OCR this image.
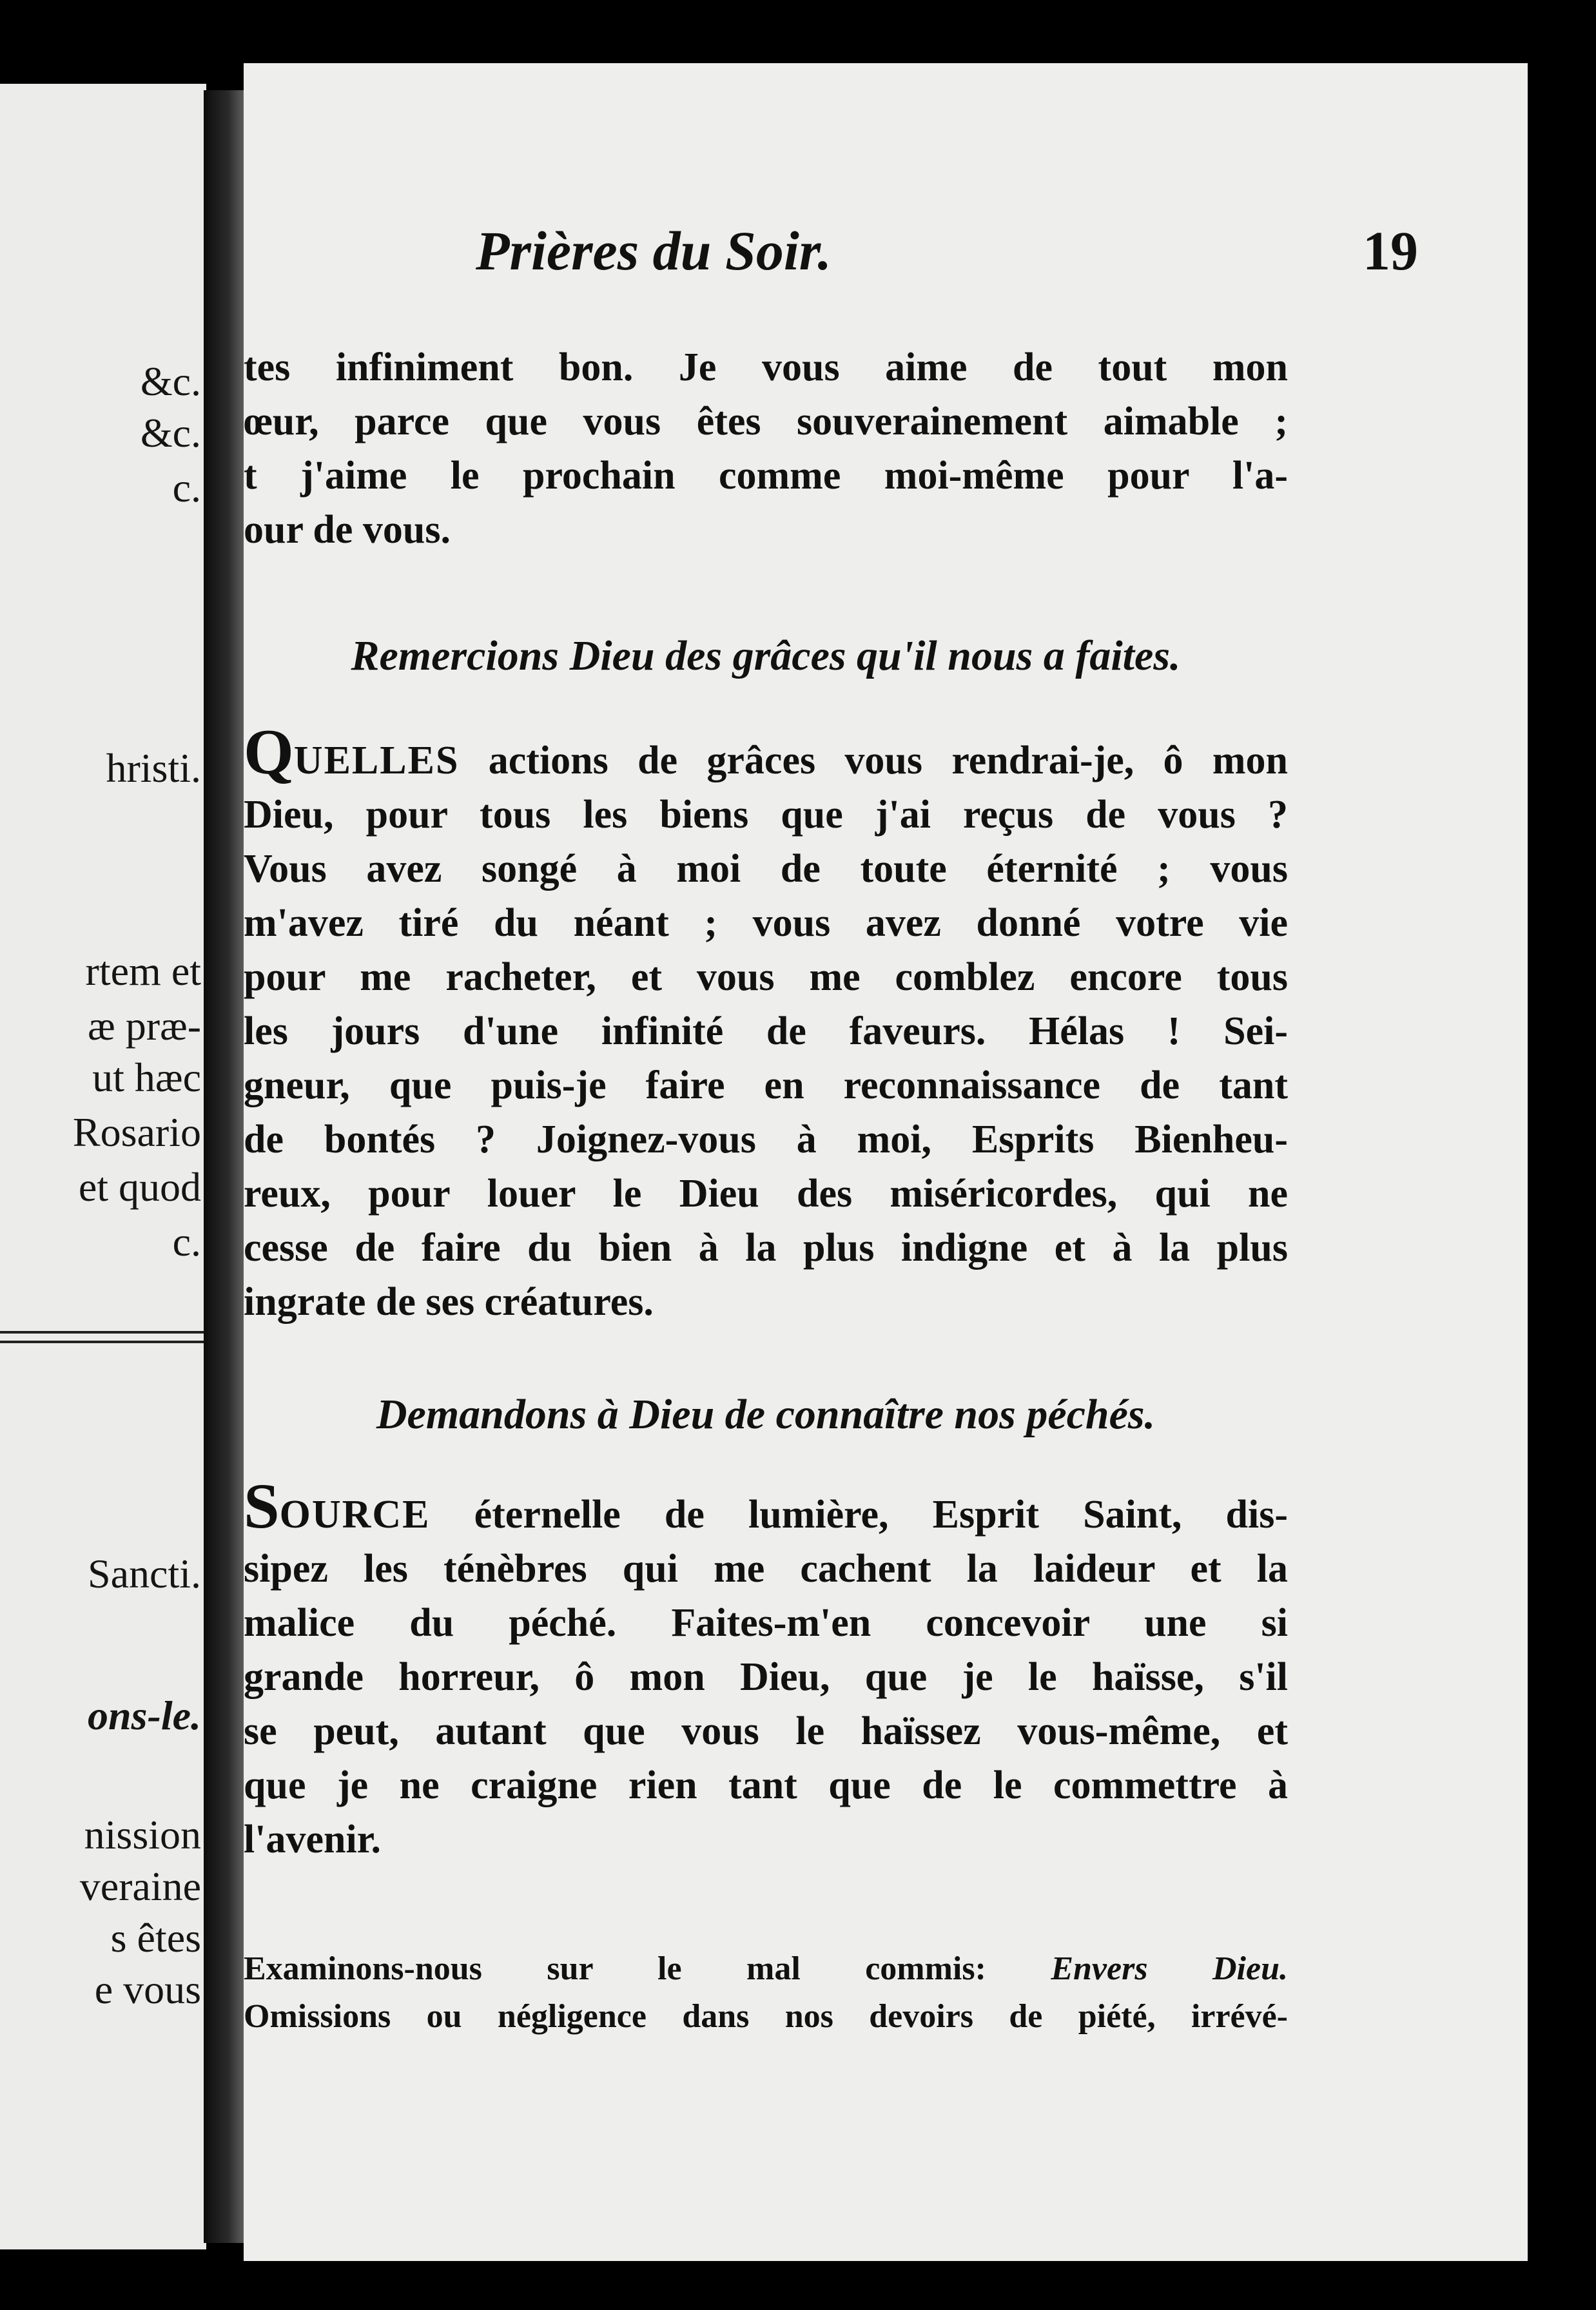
&c.
&c.
c.
hristi.
rtem et
æ præ-
ut hæc
Rosario
et quod
c.
Sancti.
ons-le.
nission
veraine
s êtes
e vous
Prières du Soir.	19
tes infiniment bon. Je vous aime de tout mon
œur, parce que vous êtes souverainement aimable ;
t j'aime le prochain comme moi-même pour l'a-
our de vous.
Remercions Dieu des grâces qu'il nous a faites.
QUELLES actions de grâces vous rendrai-je, ô mon
Dieu, pour tous les biens que j'ai reçus de vous ?
Vous avez songé à moi de toute éternité ; vous
m'avez tiré du néant ; vous avez donné votre vie
pour me racheter, et vous me comblez encore tous
les jours d'une infinité de faveurs. Hélas ! Sei-
gneur, que puis-je faire en reconnaissance de tant
de bontés ? Joignez-vous à moi, Esprits Bienheu-
reux, pour louer le Dieu des miséricordes, qui ne
cesse de faire du bien à la plus indigne et à la plus
ingrate de ses créatures.
Demandons à Dieu de connaître nos péchés.
SOURCE éternelle de lumière, Esprit Saint, dis-
sipez les ténèbres qui me cachent la laideur et la
malice du péché. Faites-m'en concevoir une si
grande horreur, ô mon Dieu, que je le haïsse, s'il
se peut, autant que vous le haïssez vous-même, et
que je ne craigne rien tant que de le commettre à
l'avenir.
Examinons-nous sur le mal commis: Envers Dieu.
Omissions ou négligence dans nos devoirs de piété, irrévé-
